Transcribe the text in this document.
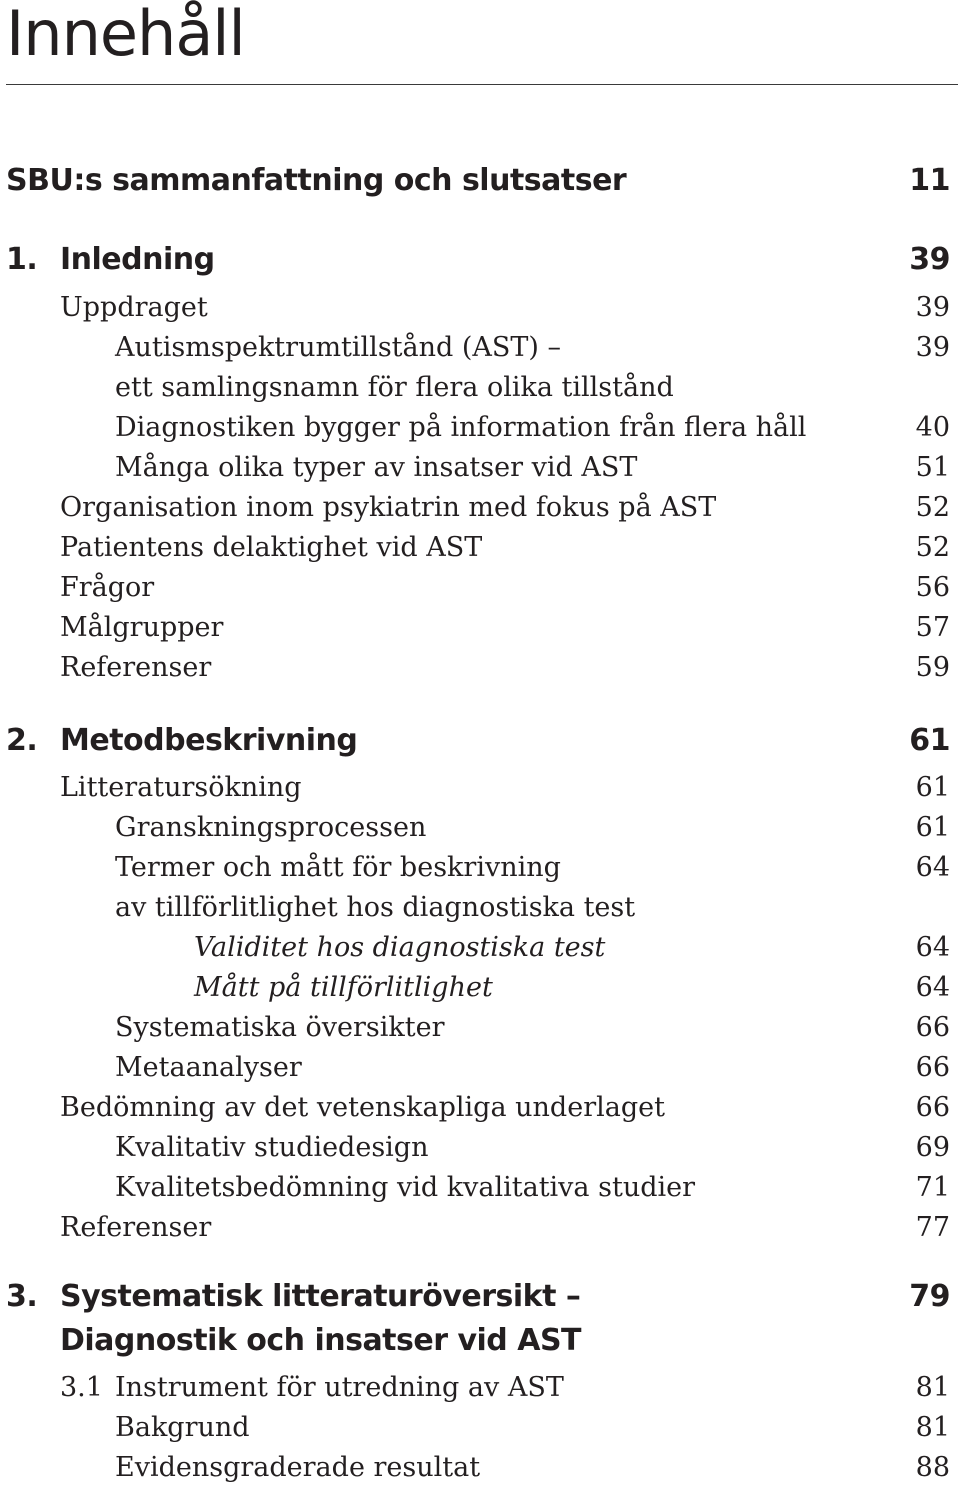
Innehåll
SBU:s sammanfattning och slutsatser	11
1. Inledning	39
Uppdraget	39
Autismspektrumtillstånd (AST) –	39
ett samlingsnamn för flera olika tillstånd
Diagnostiken bygger på information från flera håll	40
Många olika typer av insatser vid AST	51
Organisation inom psykiatrin med fokus på AST	52
Patientens delaktighet vid AST	52
Frågor	56
Målgrupper	57
Referenser	59
2. Metodbeskrivning	61
Litteratursökning	61
Granskningsprocessen	61
Termer och mått för beskrivning	64
av tillförlitlighet hos diagnostiska test
Validitet hos diagnostiska test	64
Mått på tillförlitlighet	64
Systematiska översikter	66
Metaanalyser	66
Bedömning av det vetenskapliga underlaget	66
Kvalitativ studiedesign	69
Kvalitetsbedömning vid kvalitativa studier	71
Referenser	77
3. Systematisk litteraturöversikt –	79
Diagnostik och insatser vid AST
3.1 Instrument för utredning av AST	81
Bakgrund	81
Evidensgraderade resultat	88
